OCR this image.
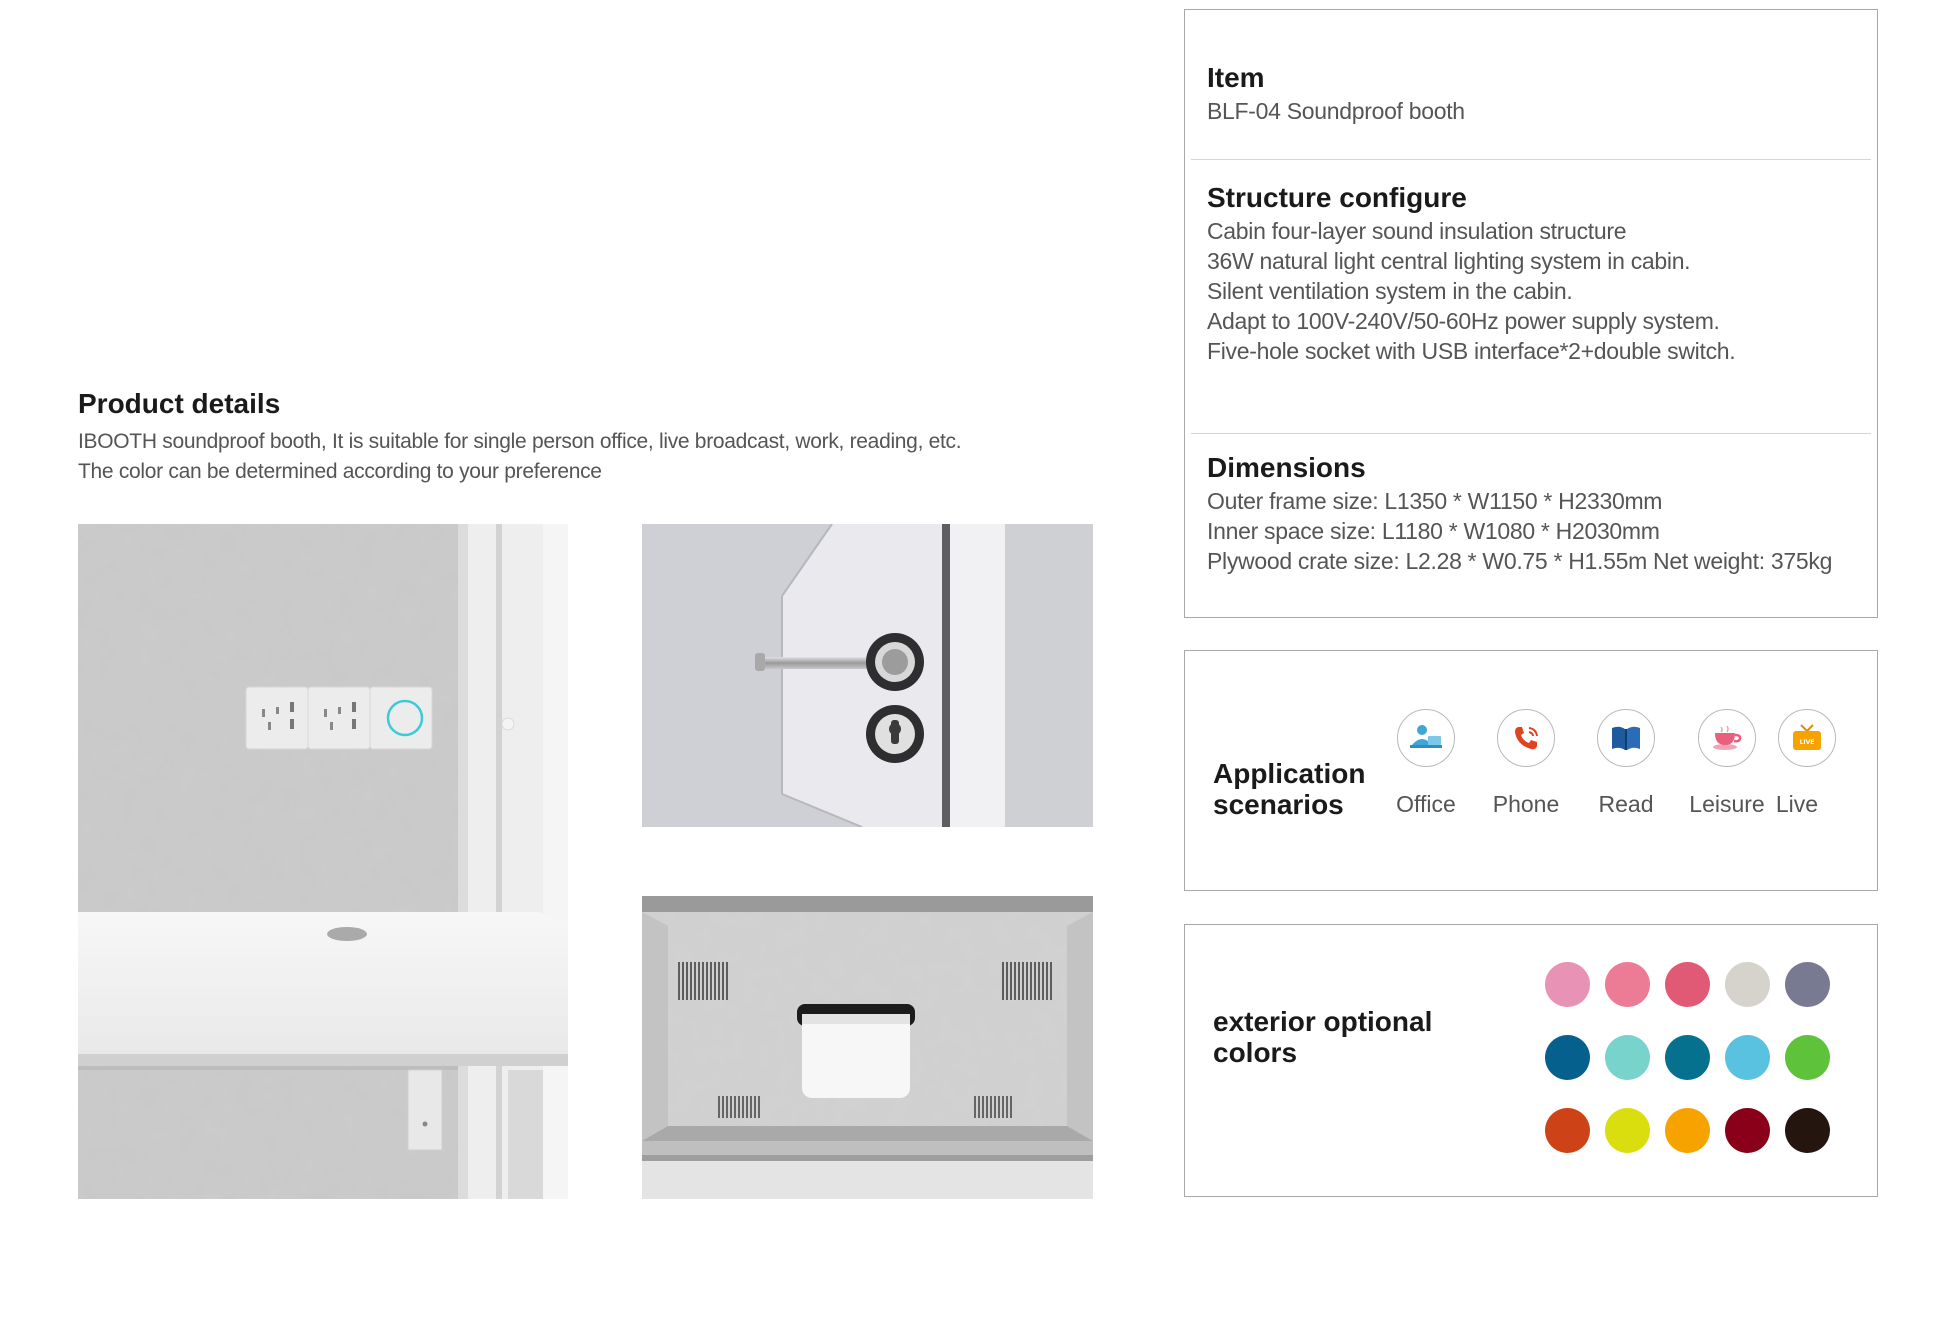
Product details
IBOOTH soundproof booth, It is suitable for single person office, live broadcast, work, reading, etc.
The color can be determined according to your preference
Item
BLF-04 Soundproof booth
Structure configure
Cabin four-layer sound insulation structure
36W natural light central lighting system in cabin.
Silent ventilation system in the cabin.
Adapt to 100V-240V/50-60Hz power supply system.
Five-hole socket with USB interface*2+double switch.
Dimensions
Outer frame size: L1350 * W1150 * H2330mm
Inner space size: L1180 * W1080 * H2030mm
Plywood crate size: L2.28 * W0.75 * H1.55m Net weight: 375kg
Application
scenarios	Office	Phone	Read	Leisure
LIVE
Live
exterior optional
colors
